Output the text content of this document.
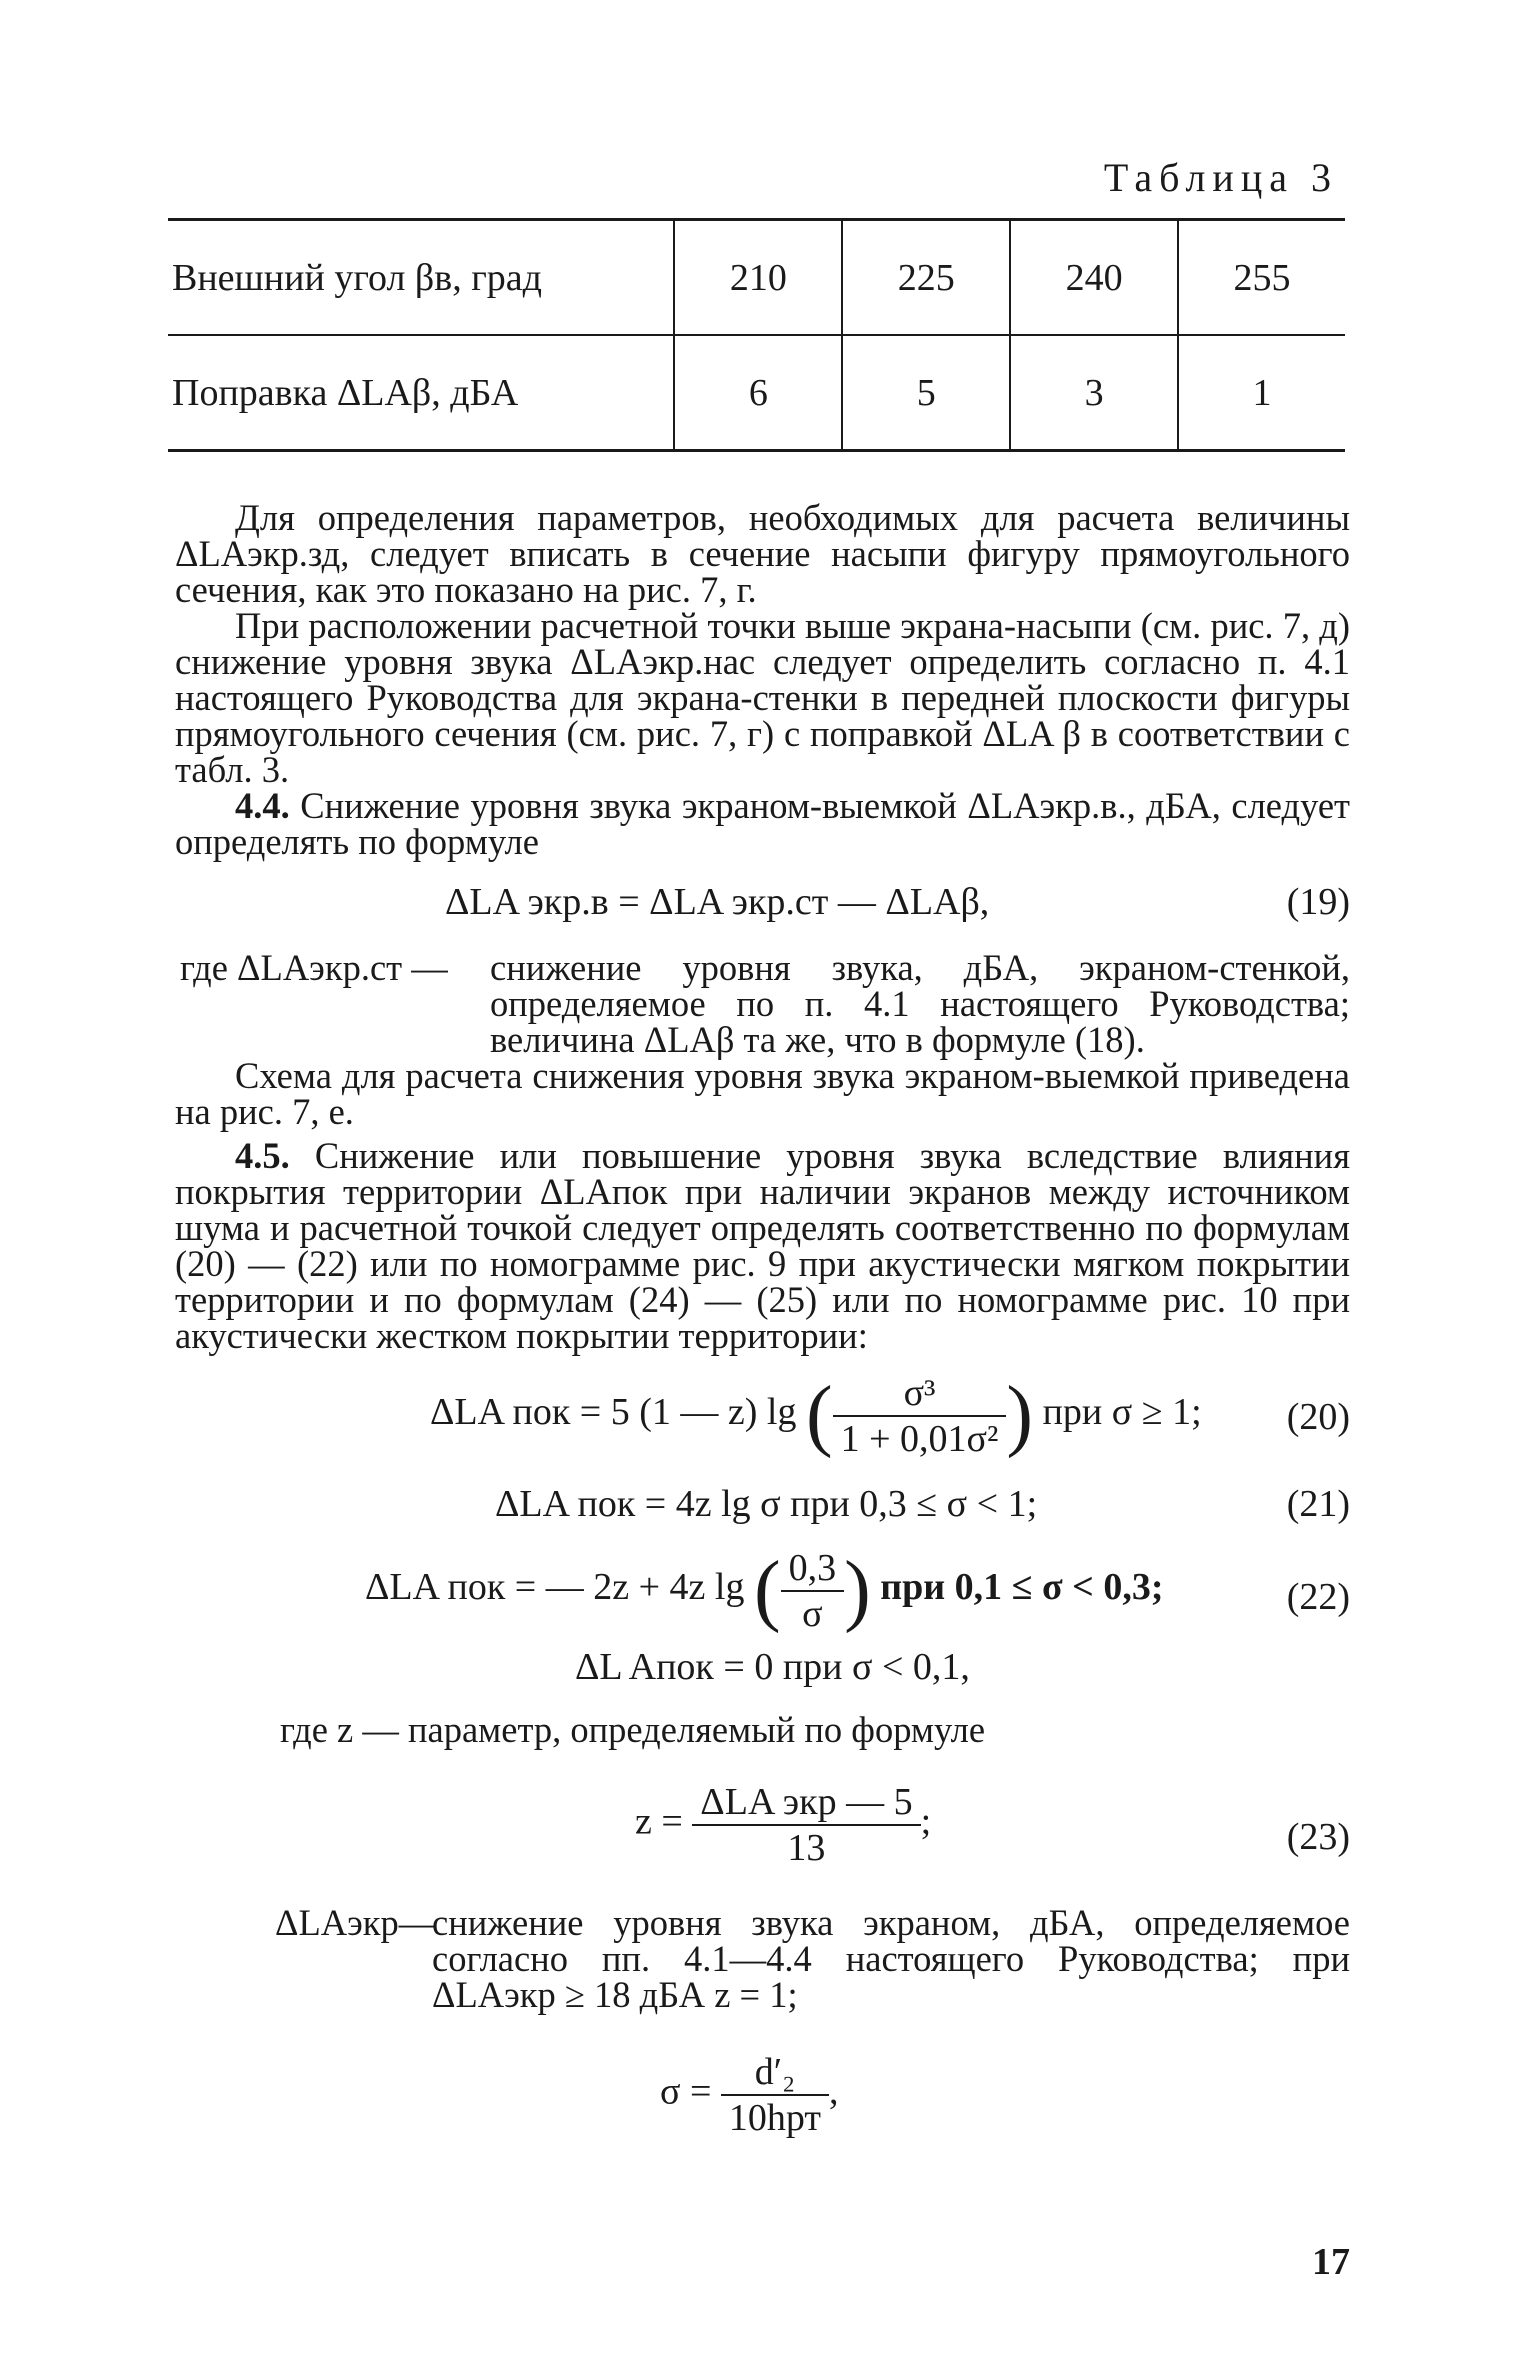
Таблица 3
Внешний угол βв, град	210	225	240	255
Поправка ΔLAβ, дБА	6	5	3	1

Для определения параметров, необходимых для расчета величины ΔLAэкр.зд, следует вписать в сечение насыпи фигуру прямоугольного сечения, как это показано на рис. 7, г.

При расположении расчетной точки выше экрана-насыпи (см. рис. 7, д) снижение уровня звука ΔLAэкр.нас следует определить согласно п. 4.1 настоящего Руководства для экрана-стенки в передней плоскости фигуры прямоугольного сечения (см. рис. 7, г) с поправкой ΔLA β в соответствии с табл. 3.

4.4. Снижение уровня звука экраном-выемкой ΔLAэкр.в., дБА, следует определять по формуле

ΔLA экр.в = ΔLA экр.ст — ΔLAβ,	(19)
где ΔLAэкр.ст — снижение уровня звука, дБА, экраном-стенкой, определяемое по п. 4.1 настоящего Руководства; величина ΔLAβ та же, что в формуле (18).

Схема для расчета снижения уровня звука экраном-выемкой приведена на рис. 7, е.

4.5. Снижение или повышение уровня звука вследствие влияния покрытия территории ΔLAпок при наличии экранов между источником шума и расчетной точкой следует определять соответственно по формулам (20) — (22) или по номограмме рис. 9 при акустически мягком покрытии территории и по формулам (24) — (25) или по номограмме рис. 10 при акустически жестком покрытии территории:

ΔLA пок = 5 (1 — z) lg ( $\frac{\text{σ³}}{\text{1 + 0,01σ²}}$ ) при σ ≥ 1; (20)
ΔLA пок = 4z lg σ при 0,3 ≤ σ < 1;	(21)
ΔLA пок = — 2z + 4z lg ( $\frac{0,3}{\sigma}$ ) при 0,1 ≤ σ < 0,3;	(22)
ΔL Aпок = 0 при σ < 0,1,
где z — параметр, определяемый по формуле
$z = \frac{\text{ΔLA экр — 5}}{13}$ ;	(23)
ΔLAэкр—

снижение уровня звука экраном, дБА, определяемое согласно пп. 4.1—4.4 настоящего Руководства; при ΔLAэкр ≥ 18 дБА z = 1;

$\sigma = \frac{\text{d′₂}}{\text{10hрт}}$ ,
17
